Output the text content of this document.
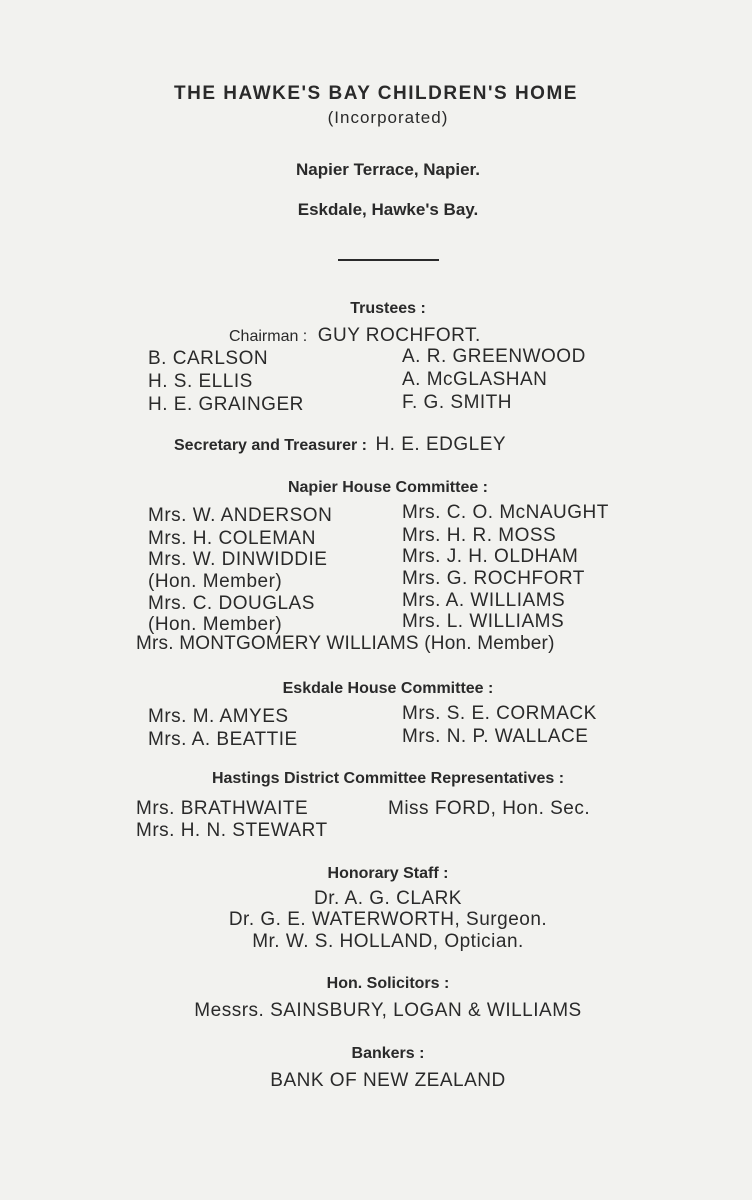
THE HAWKE'S BAY CHILDREN'S HOME
(Incorporated)
Napier Terrace, Napier.
Eskdale, Hawke's Bay.
Trustees :
Chairman : GUY ROCHFORT.
B. CARLSON
H. S. ELLIS
H. E. GRAINGER
A. R. GREENWOOD
A. McGLASHAN
F. G. SMITH
Secretary and Treasurer : H. E. EDGLEY
Napier House Committee :
Mrs. W. ANDERSON
Mrs. H. COLEMAN
Mrs. W. DINWIDDIE
(Hon. Member)
Mrs. C. DOUGLAS
(Hon. Member)
Mrs. C. O. McNAUGHT
Mrs. H. R. MOSS
Mrs. J. H. OLDHAM
Mrs. G. ROCHFORT
Mrs. A. WILLIAMS
Mrs. L. WILLIAMS
Mrs. MONTGOMERY WILLIAMS (Hon. Member)
Eskdale House Committee :
Mrs. M. AMYES
Mrs. A. BEATTIE
Mrs. S. E. CORMACK
Mrs. N. P. WALLACE
Hastings District Committee Representatives :
Mrs. BRATHWAITE
Mrs. H. N. STEWART
Miss FORD, Hon. Sec.
Honorary Staff :
Dr. A. G. CLARK
Dr. G. E. WATERWORTH, Surgeon.
Mr. W. S. HOLLAND, Optician.
Hon. Solicitors :
Messrs. SAINSBURY, LOGAN & WILLIAMS
Bankers :
BANK OF NEW ZEALAND
